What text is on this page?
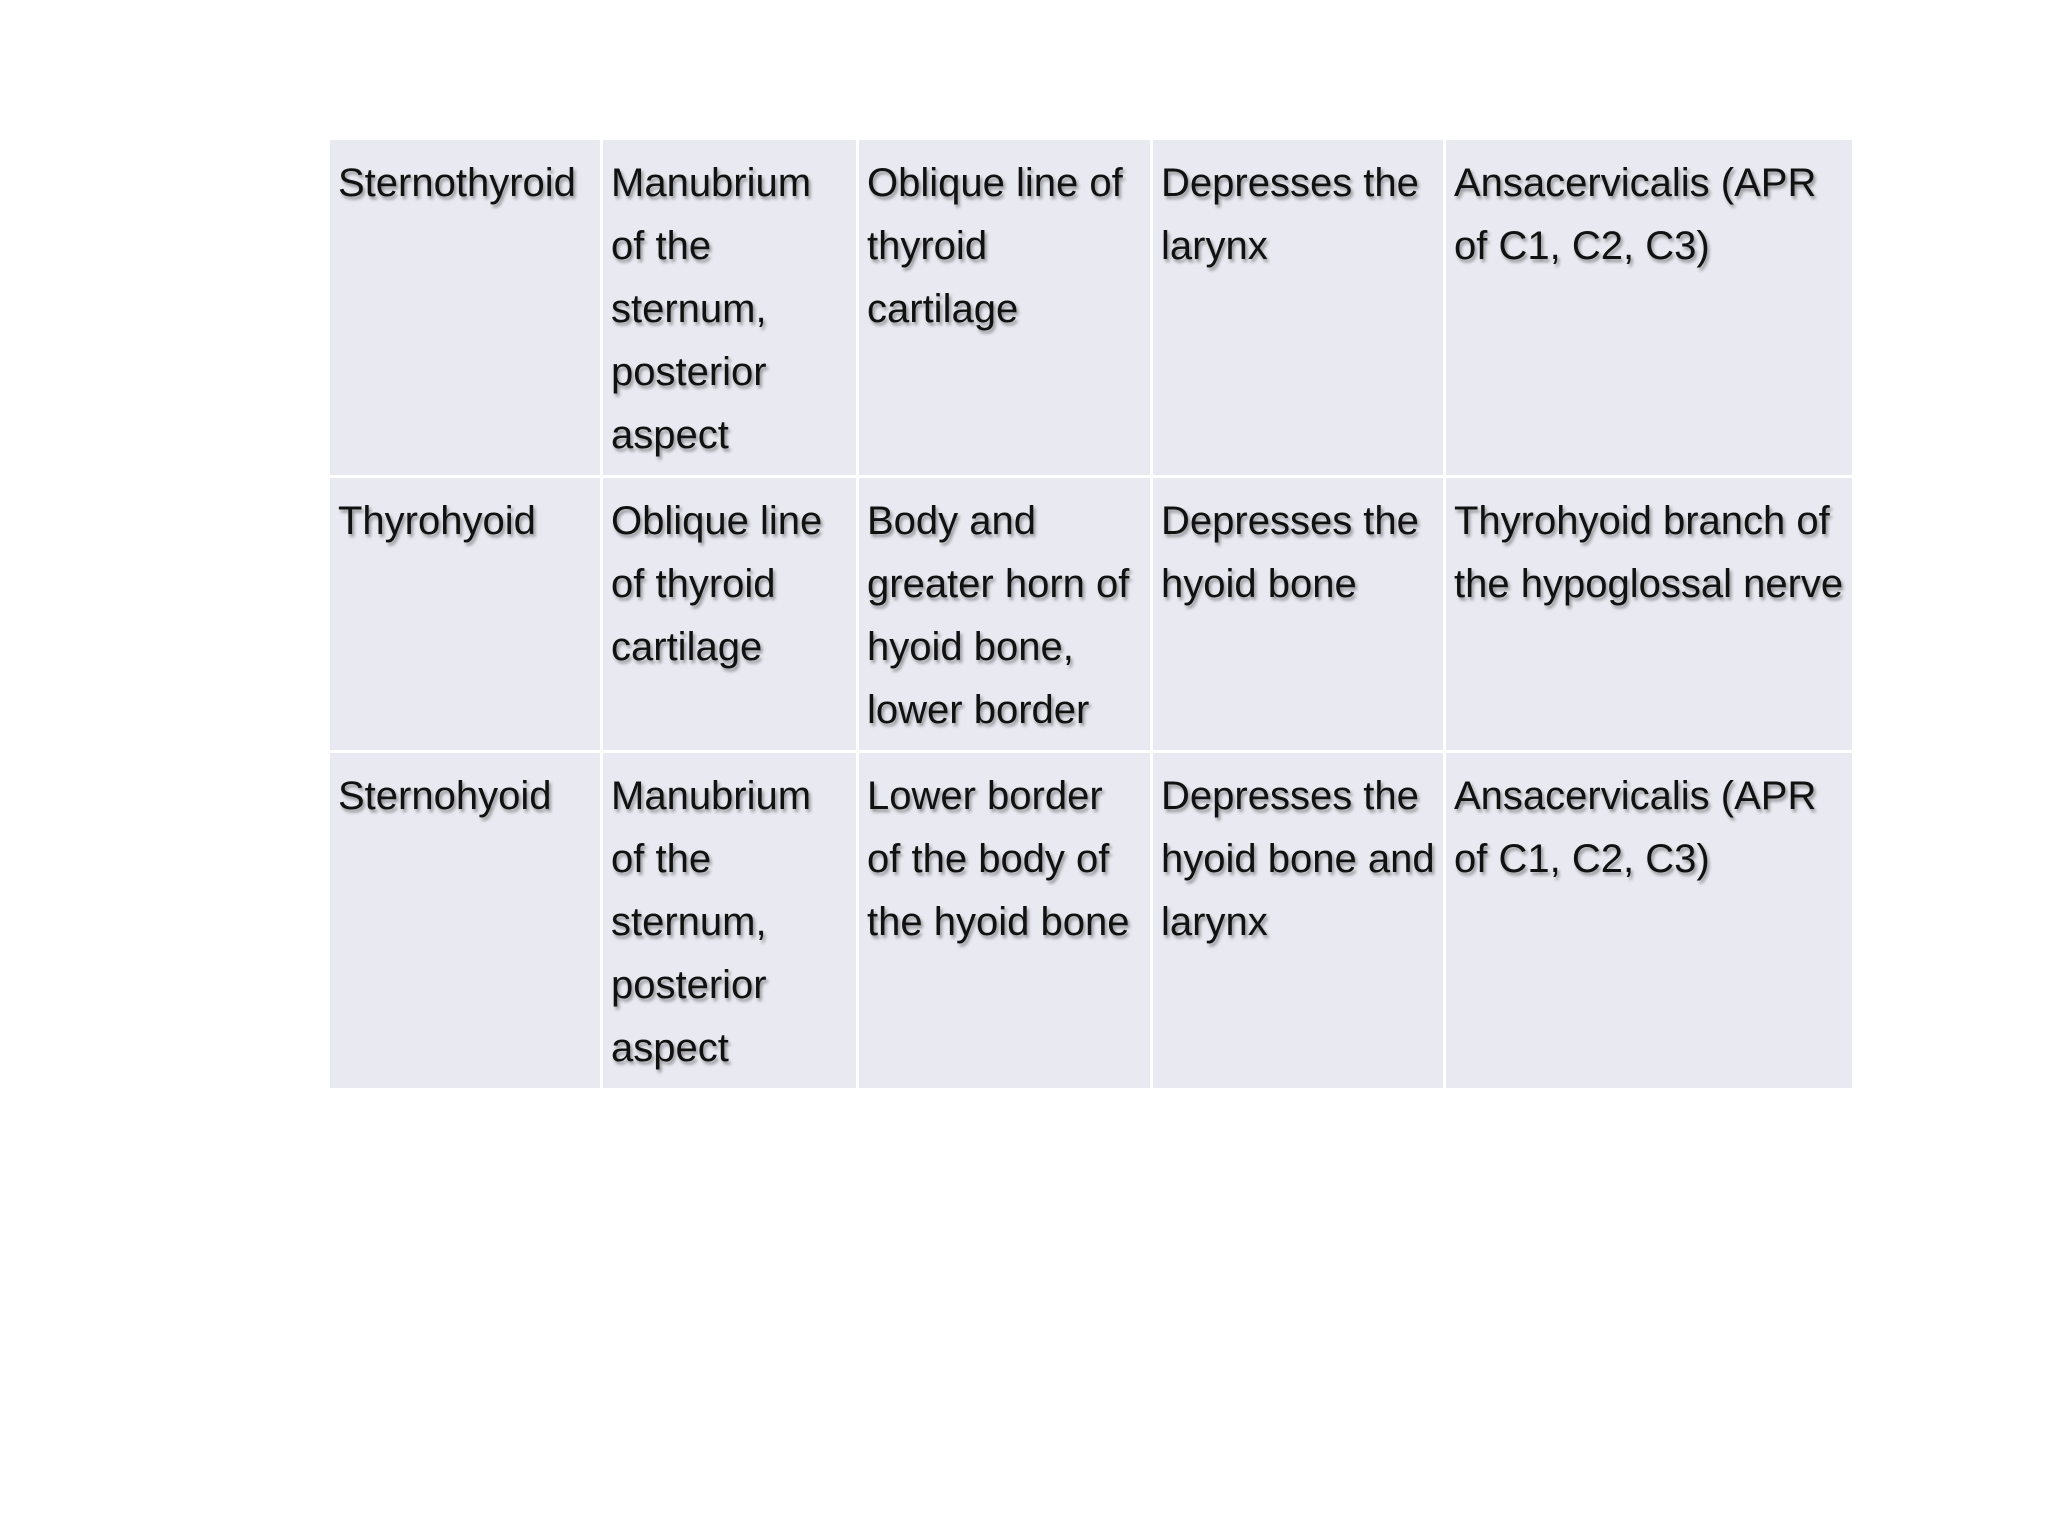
Sternothyroid	Manubrium of the sternum, posterior aspect	Oblique line of thyroid cartilage	Depresses the larynx	Ansacervicalis (APR of C1, C2, C3)
Thyrohyoid	Oblique line of thyroid cartilage	Body and greater horn of hyoid bone, lower border	Depresses the hyoid bone	Thyrohyoid branch of the hypoglossal nerve
Sternohyoid	Manubrium of the sternum, posterior aspect	Lower border of the body of the hyoid bone	Depresses the hyoid bone and larynx	Ansacervicalis (APR of C1, C2, C3)
